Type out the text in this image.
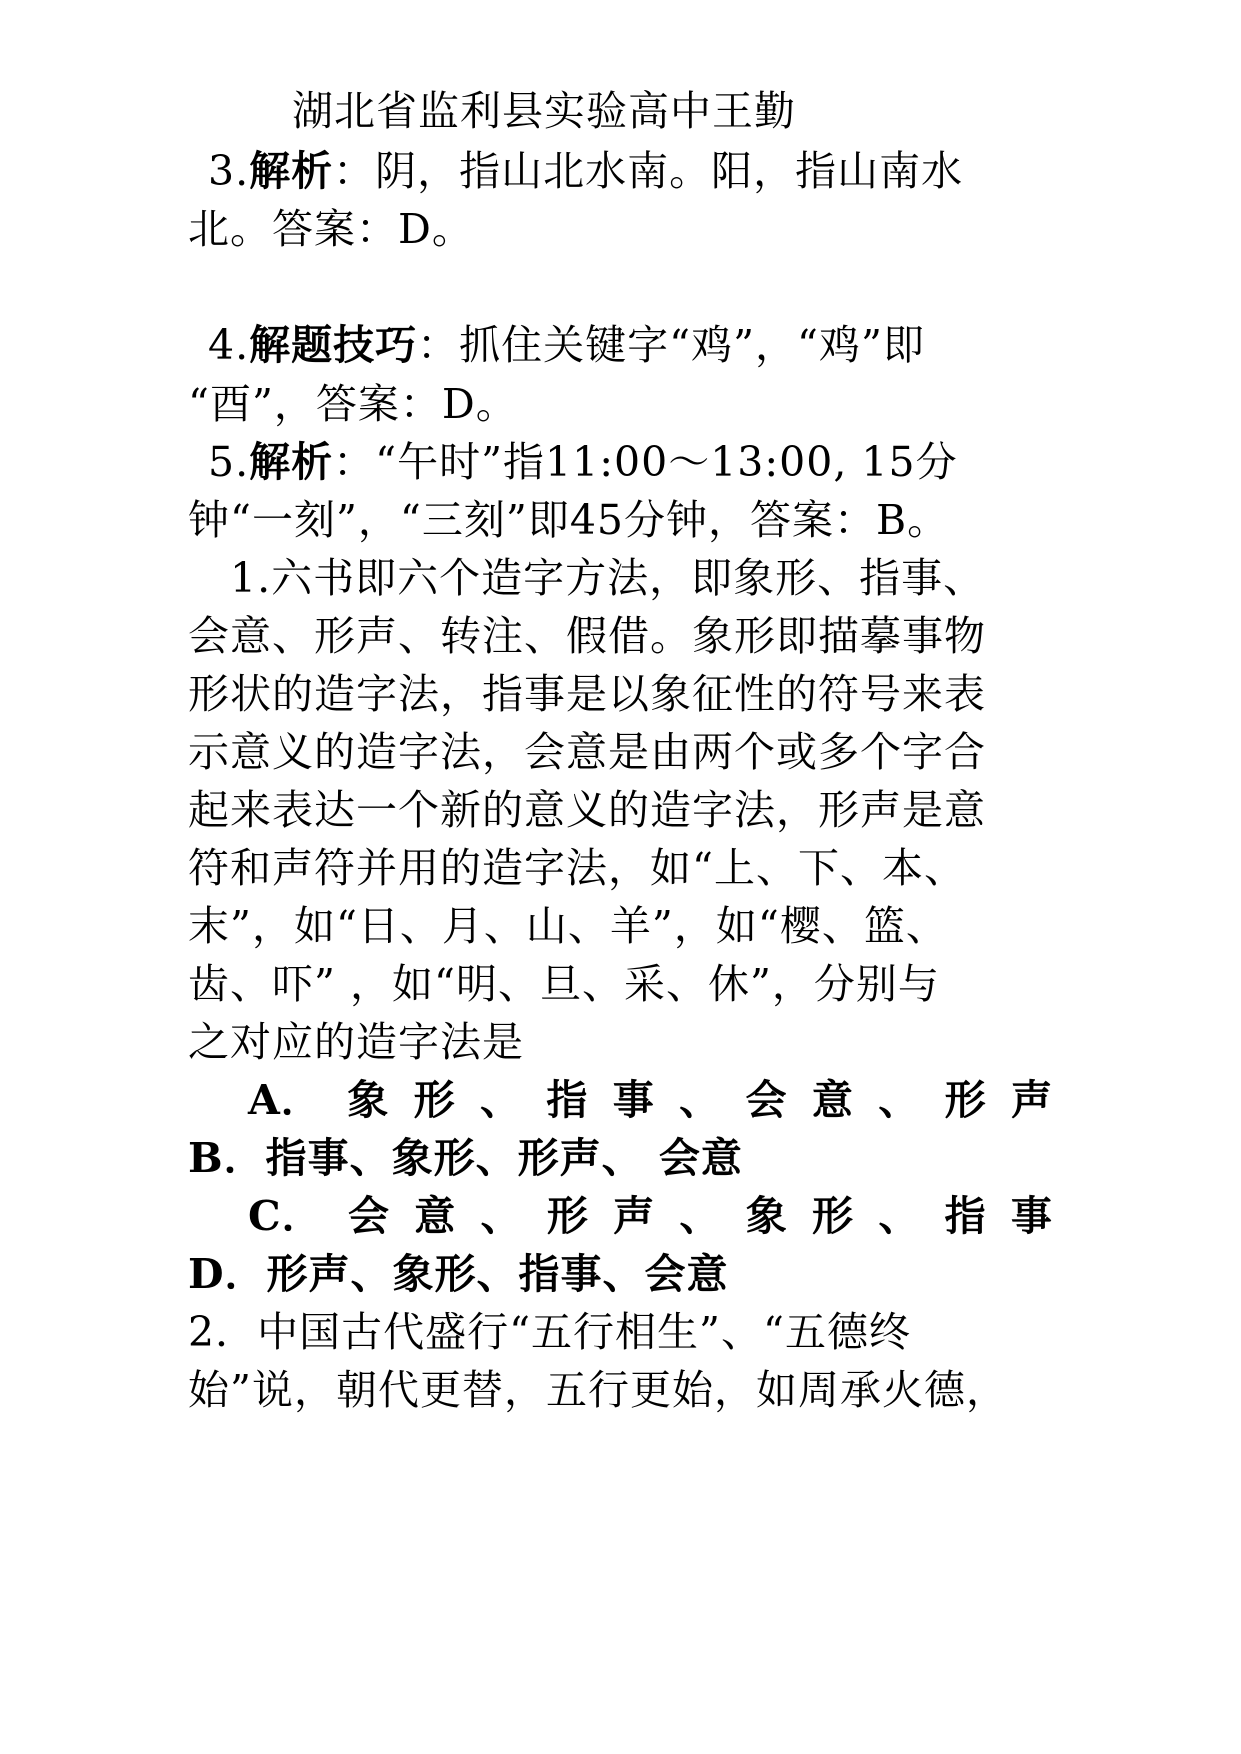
湖北省监利县实验高中王勤
3.解析：阴，指山北水南。阳，指山南水
北。答案：D。
4.解题技巧：抓住关键字“鸡”，“鸡”即
“酉”，答案：D。
5.解析：“午时”指11:00～13:00, 15分
钟“一刻”，“三刻”即45分钟，答案：B。
1.六书即六个造字方法，即象形、指事、
会意、形声、转注、假借。象形即描摹事物
形状的造字法，指事是以象征性的符号来表
示意义的造字法，会意是由两个或多个字合
起来表达一个新的意义的造字法，形声是意
符和声符并用的造字法，如“上、下、本、
末”，如“日、月、山、羊”，如“樱、篮、
齿、吓” ，如“明、旦、采、休”，分别与
之对应的造字法是
A． 象 形 、 指 事 、 会 意 、 形 声
B．指事、象形、形声、 会意
C． 会 意 、 形 声 、 象 形 、 指 事
D．形声、象形、指事、会意
2．中国古代盛行“五行相生”、“五德终
始”说，朝代更替，五行更始，如周承火德，
